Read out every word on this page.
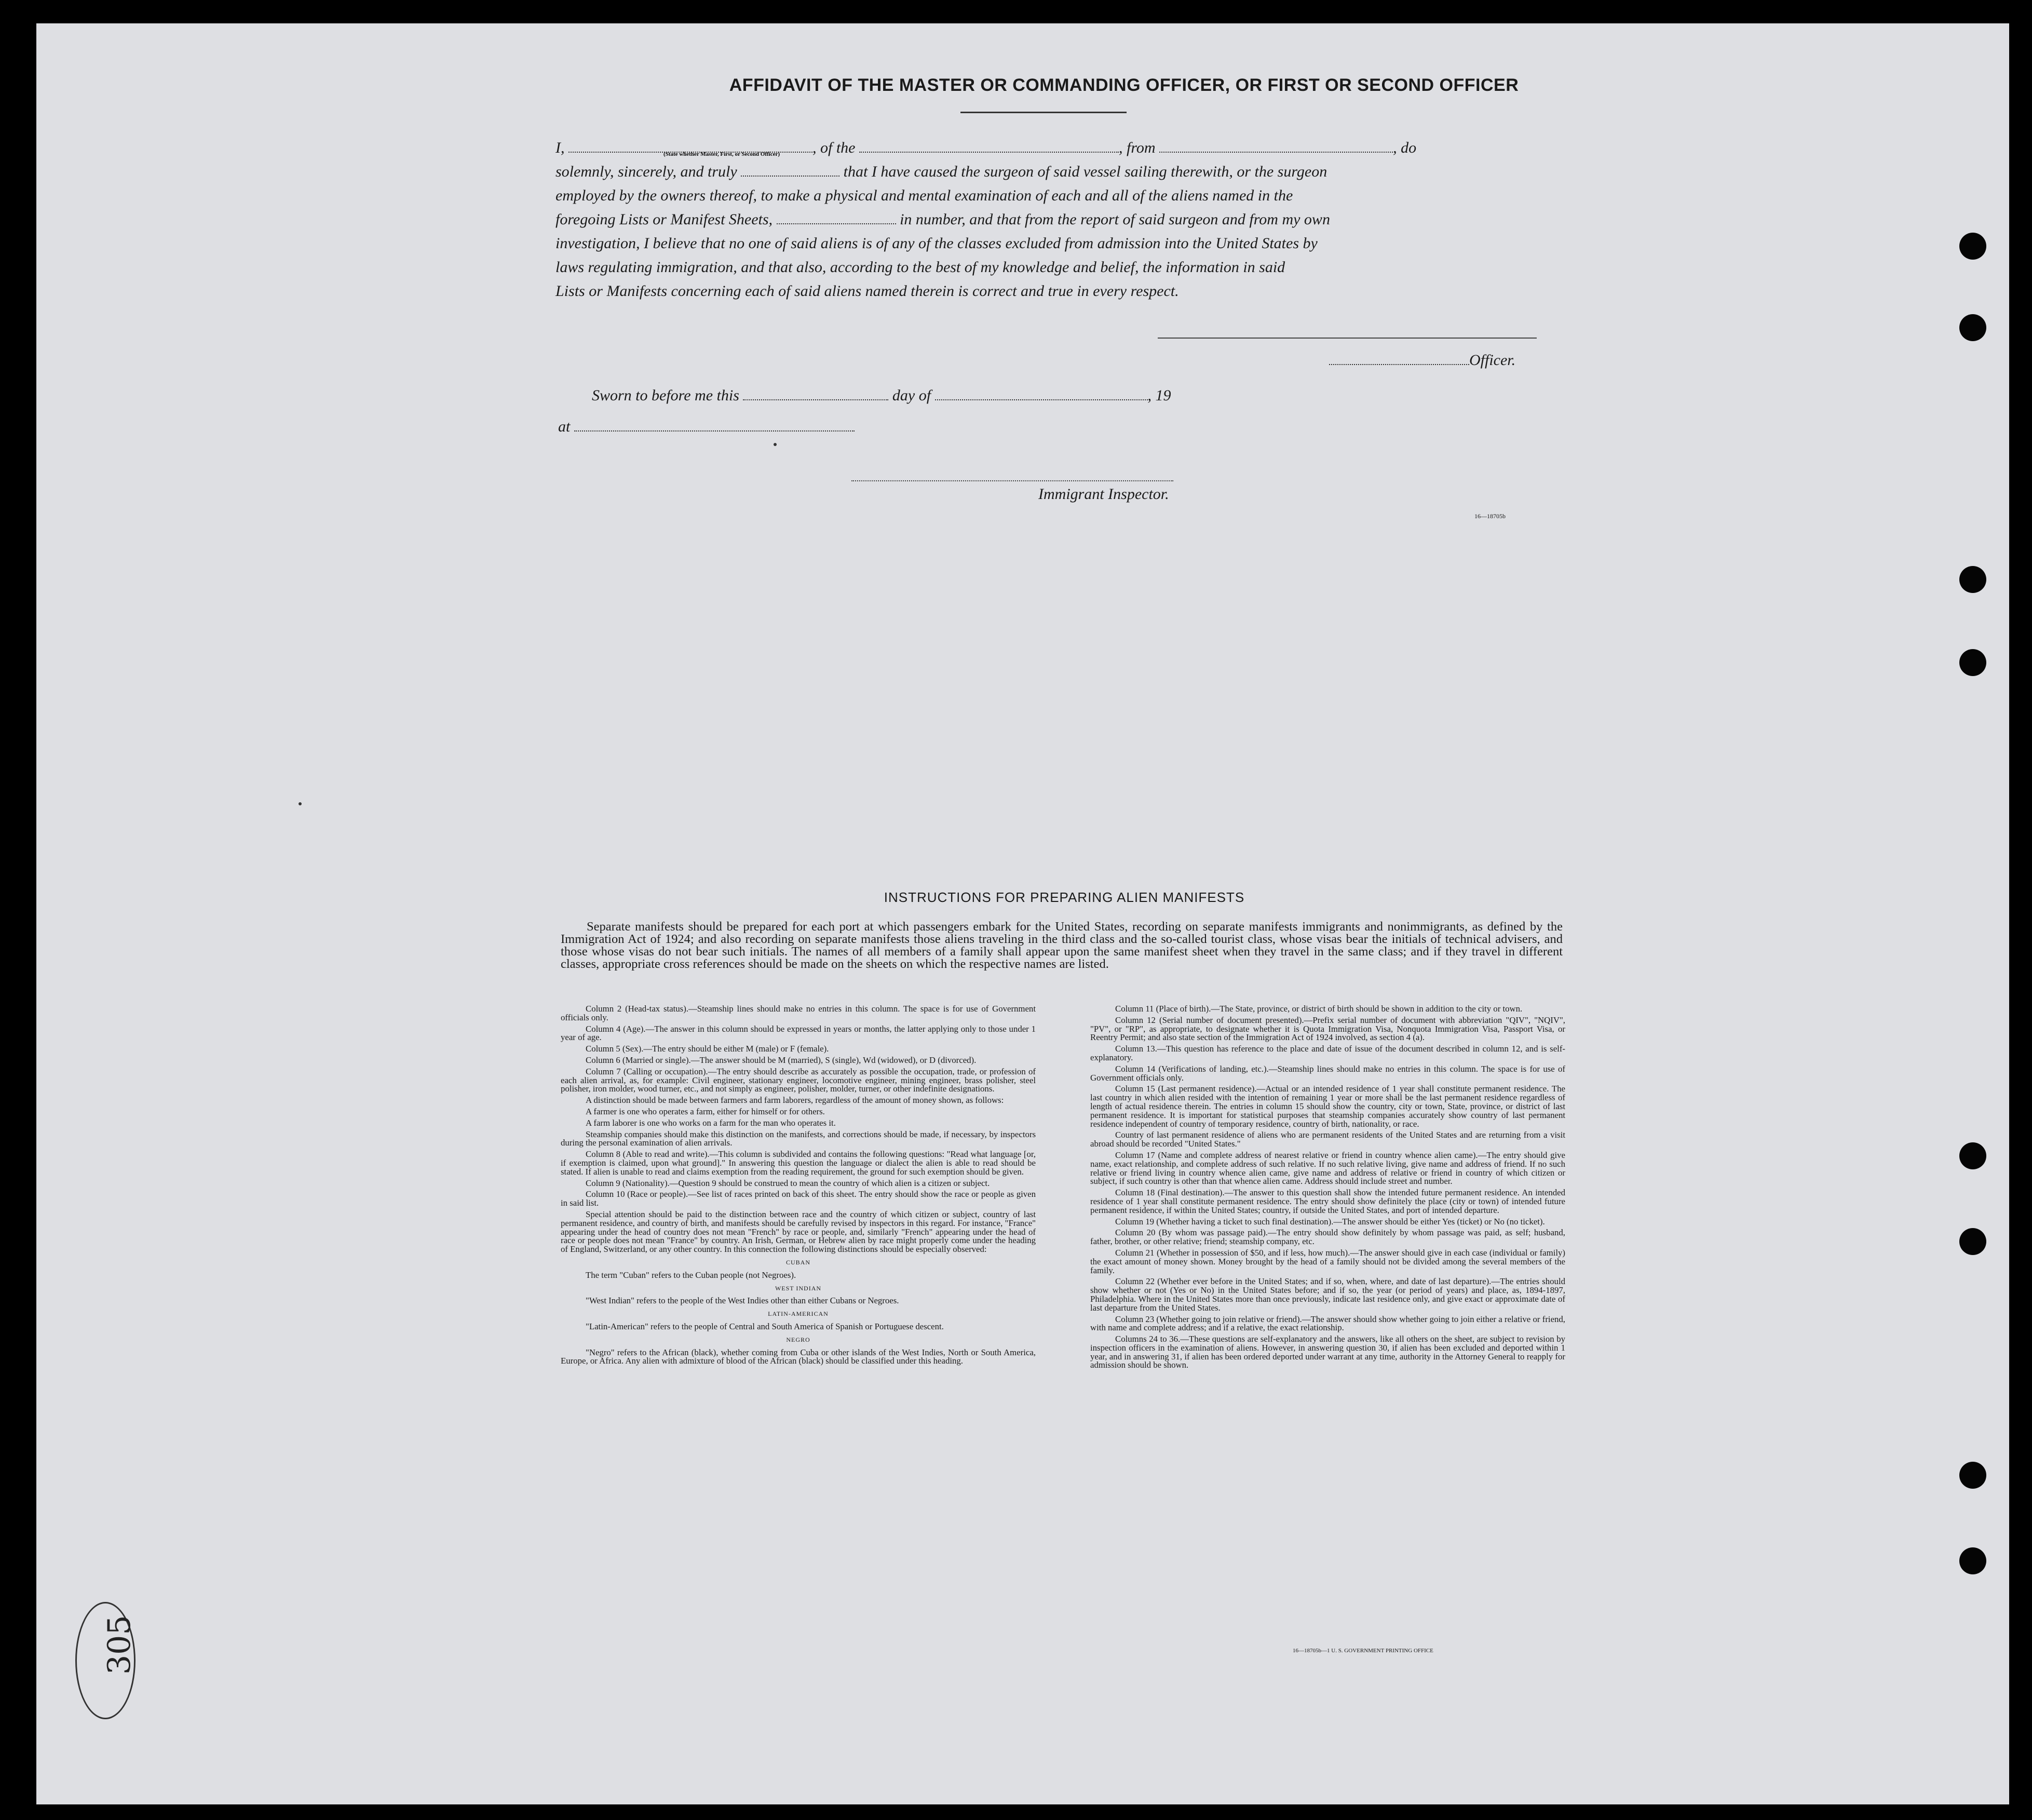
AFFIDAVIT OF THE MASTER OR COMMANDING OFFICER, OR FIRST OR SECOND OFFICER
I,	, of the	, from	, do
(State whether Master, First, or Second Officer)
solemnly, sincerely, and truly	that I have caused the surgeon of said vessel sailing therewith, or the surgeon
employed by the owners thereof, to make a physical and mental examination of each and all of the aliens named in the
foregoing Lists or Manifest Sheets,	in number, and that from the report of said surgeon and from my own
investigation, I believe that no one of said aliens is of any of the classes excluded from admission into the United States by
laws regulating immigration, and that also, according to the best of my knowledge and belief, the information in said
Lists or Manifests concerning each of said aliens named therein is correct and true in every respect.
Officer.
Sworn to before me this	day of	, 19
at
Immigrant Inspector.
16—18705b
INSTRUCTIONS FOR PREPARING ALIEN MANIFESTS
Separate manifests should be prepared for each port at which passengers embark for the United States, recording on separate manifests immigrants and nonimmigrants, as defined by the Immigration Act of 1924; and also recording on separate manifests those aliens traveling in the third class and the so-called tourist class, whose visas bear the initials of technical advisers, and those whose visas do not bear such initials. The names of all members of a family shall appear upon the same manifest sheet when they travel in the same class; and if they travel in different classes, appropriate cross references should be made on the sheets on which the respective names are listed.

Column 2 (Head-tax status).—Steamship lines should make no entries in this column. The space is for use of Government officials only.

Column 4 (Age).—The answer in this column should be expressed in years or months, the latter applying only to those under 1 year of age.

Column 5 (Sex).—The entry should be either M (male) or F (female).

Column 6 (Married or single).—The answer should be M (married), S (single), Wd (widowed), or D (divorced).

Column 7 (Calling or occupation).—The entry should describe as accurately as possible the occupation, trade, or profession of each alien arrival, as, for example: Civil engineer, stationary engineer, locomotive engineer, mining engineer, brass polisher, steel polisher, iron molder, wood turner, etc., and not simply as engineer, polisher, molder, turner, or other indefinite designations.

A distinction should be made between farmers and farm laborers, regardless of the amount of money shown, as follows:

A farmer is one who operates a farm, either for himself or for others.

A farm laborer is one who works on a farm for the man who operates it.

Steamship companies should make this distinction on the manifests, and corrections should be made, if necessary, by inspectors during the personal examination of alien arrivals.

Column 8 (Able to read and write).—This column is subdivided and contains the following questions: "Read what language [or, if exemption is claimed, upon what ground]." In answering this question the language or dialect the alien is able to read should be stated. If alien is unable to read and claims exemption from the reading requirement, the ground for such exemption should be given.

Column 9 (Nationality).—Question 9 should be construed to mean the country of which alien is a citizen or subject.

Column 10 (Race or people).—See list of races printed on back of this sheet. The entry should show the race or people as given in said list.

Special attention should be paid to the distinction between race and the country of which citizen or subject, country of last permanent residence, and country of birth, and manifests should be carefully revised by inspectors in this regard. For instance, "France" appearing under the head of country does not mean "French" by race or people, and, similarly "French" appearing under the head of race or people does not mean "France" by country. An Irish, German, or Hebrew alien by race might properly come under the heading of England, Switzerland, or any other country. In this connection the following distinctions should be especially observed:

CUBAN

The term "Cuban" refers to the Cuban people (not Negroes).

WEST INDIAN

"West Indian" refers to the people of the West Indies other than either Cubans or Negroes.

LATIN-AMERICAN

"Latin-American" refers to the people of Central and South America of Spanish or Portuguese descent.

NEGRO

"Negro" refers to the African (black), whether coming from Cuba or other islands of the West Indies, North or South America, Europe, or Africa. Any alien with admixture of blood of the African (black) should be classified under this heading.

Column 11 (Place of birth).—The State, province, or district of birth should be shown in addition to the city or town.

Column 12 (Serial number of document presented).—Prefix serial number of document with abbreviation "QIV", "NQIV", "PV", or "RP", as appropriate, to designate whether it is Quota Immigration Visa, Nonquota Immigration Visa, Passport Visa, or Reentry Permit; and also state section of the Immigration Act of 1924 involved, as section 4 (a).

Column 13.—This question has reference to the place and date of issue of the document described in column 12, and is self-explanatory.

Column 14 (Verifications of landing, etc.).—Steamship lines should make no entries in this column. The space is for use of Government officials only.

Column 15 (Last permanent residence).—Actual or an intended residence of 1 year shall constitute permanent residence. The last country in which alien resided with the intention of remaining 1 year or more shall be the last permanent residence regardless of length of actual residence therein. The entries in column 15 should show the country, city or town, State, province, or district of last permanent residence. It is important for statistical purposes that steamship companies accurately show country of last permanent residence independent of country of temporary residence, country of birth, nationality, or race.

Country of last permanent residence of aliens who are permanent residents of the United States and are returning from a visit abroad should be recorded "United States."

Column 17 (Name and complete address of nearest relative or friend in country whence alien came).—The entry should give name, exact relationship, and complete address of such relative. If no such relative living, give name and address of friend. If no such relative or friend living in country whence alien came, give name and address of relative or friend in country of which citizen or subject, if such country is other than that whence alien came. Address should include street and number.

Column 18 (Final destination).—The answer to this question shall show the intended future permanent residence. An intended residence of 1 year shall constitute permanent residence. The entry should show definitely the place (city or town) of intended future permanent residence, if within the United States; country, if outside the United States, and port of intended departure.

Column 19 (Whether having a ticket to such final destination).—The answer should be either Yes (ticket) or No (no ticket).

Column 20 (By whom was passage paid).—The entry should show definitely by whom passage was paid, as self; husband, father, brother, or other relative; friend; steamship company, etc.

Column 21 (Whether in possession of $50, and if less, how much).—The answer should give in each case (individual or family) the exact amount of money shown. Money brought by the head of a family should not be divided among the several members of the family.

Column 22 (Whether ever before in the United States; and if so, when, where, and date of last departure).—The entries should show whether or not (Yes or No) in the United States before; and if so, the year (or period of years) and place, as, 1894-1897, Philadelphia. Where in the United States more than once previously, indicate last residence only, and give exact or approximate date of last departure from the United States.

Column 23 (Whether going to join relative or friend).—The answer should show whether going to join either a relative or friend, with name and complete address; and if a relative, the exact relationship.

Columns 24 to 36.—These questions are self-explanatory and the answers, like all others on the sheet, are subject to revision by inspection officers in the examination of aliens. However, in answering question 30, if alien has been excluded and deported within 1 year, and in answering 31, if alien has been ordered deported under warrant at any time, authority in the Attorney General to reapply for admission should be shown.

16—18705b—1 U. S. GOVERNMENT PRINTING OFFICE
305
